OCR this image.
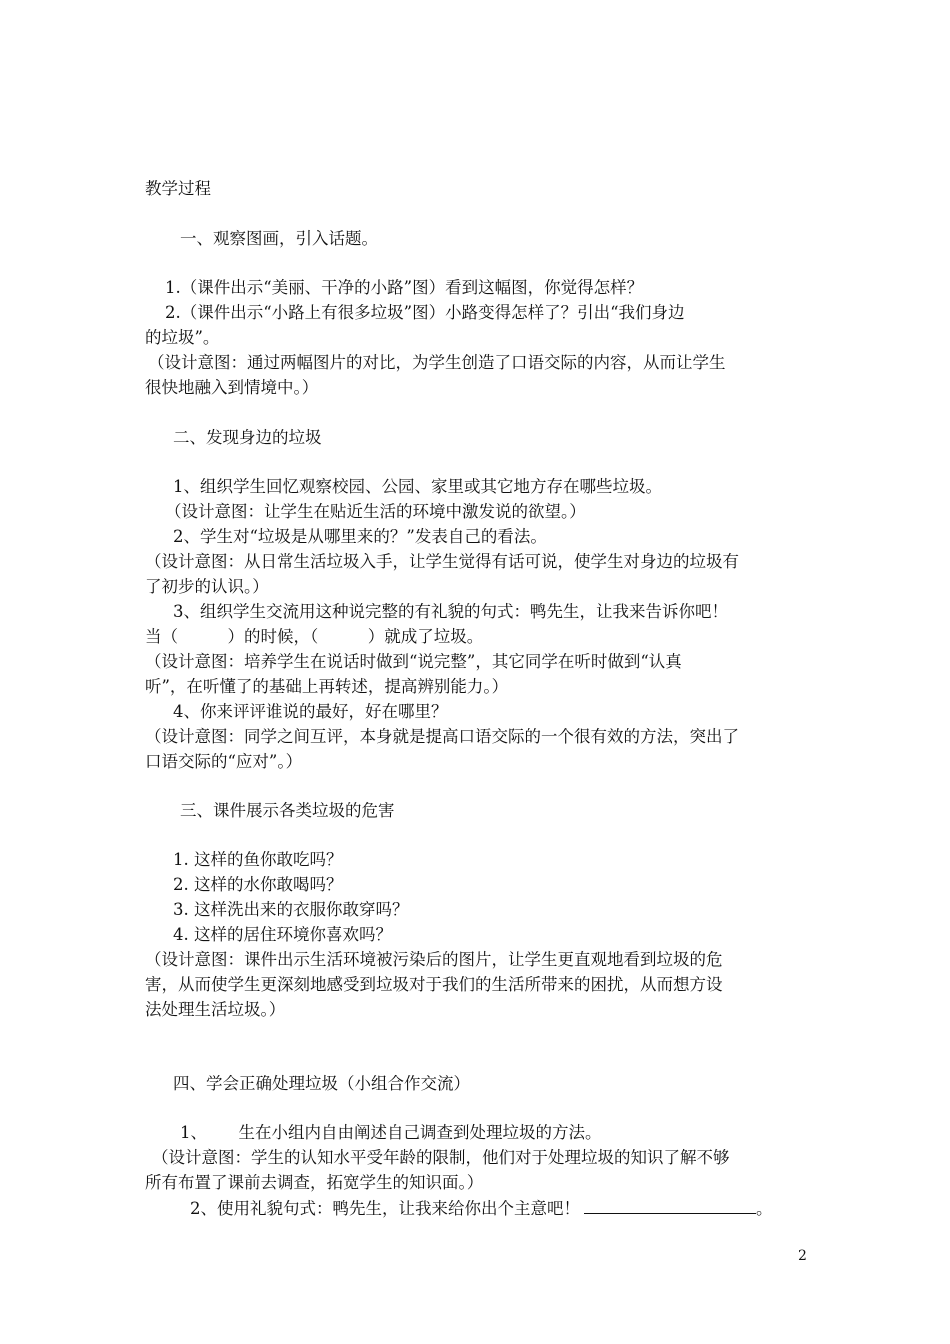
教学过程
一、观察图画，引入话题。
1.（课件出示“美丽、干净的小路”图）看到这幅图，你觉得怎样？
2.（课件出示“小路上有很多垃圾”图）小路变得怎样了？引出“我们身边
的垃圾”。
（设计意图：通过两幅图片的对比，为学生创造了口语交际的内容，从而让学生
很快地融入到情境中。）
二、发现身边的垃圾
1、组织学生回忆观察校园、公园、家里或其它地方存在哪些垃圾。
（设计意图：让学生在贴近生活的环境中激发说的欲望。）
2、学生对“垃圾是从哪里来的？”发表自己的看法。
（设计意图：从日常生活垃圾入手，让学生觉得有话可说，使学生对身边的垃圾有
了初步的认识。）
3、组织学生交流用这种说完整的有礼貌的句式：鸭先生，让我来告诉你吧！
当（　　　）的时候，（　　　）就成了垃圾。
（设计意图：培养学生在说话时做到“说完整”，其它同学在听时做到“认真
听”，在听懂了的基础上再转述，提高辨别能力。）
4、你来评评谁说的最好，好在哪里？
（设计意图：同学之间互评，本身就是提高口语交际的一个很有效的方法，突出了
口语交际的“应对”。）
三、课件展示各类垃圾的危害
1. 这样的鱼你敢吃吗？
2. 这样的水你敢喝吗？
3. 这样洗出来的衣服你敢穿吗？
4. 这样的居住环境你喜欢吗？
（设计意图：课件出示生活环境被污染后的图片，让学生更直观地看到垃圾的危
害，从而使学生更深刻地感受到垃圾对于我们的生活所带来的困扰，从而想方设
法处理生活垃圾。）
四、学会正确处理垃圾（小组合作交流）
1、      生在小组内自由阐述自己调查到处理垃圾的方法。
（设计意图：学生的认知水平受年龄的限制，他们对于处理垃圾的知识了解不够
所有布置了课前去调查，拓宽学生的知识面。）
2、使用礼貌句式：鸭先生，让我来给你出个主意吧！	。
2
